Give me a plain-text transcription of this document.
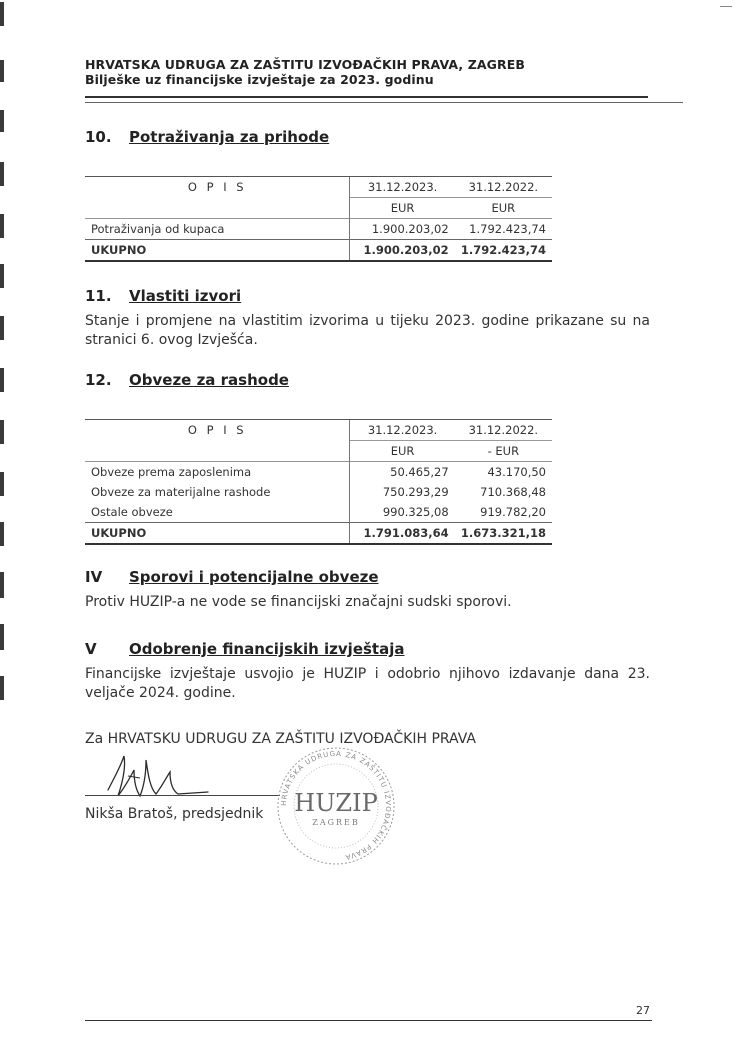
HRVATSKA UDRUGA ZA ZAŠTITU IZVOĐAČKIH PRAVA, ZAGREB
Bilješke uz financijske izvještaje za 2023. godinu
10. Potraživanja za prihode
O P I S	31.12.2023.	31.12.2022.
	EUR	EUR
Potraživanja od kupaca	1.900.203,02	1.792.423,74
UKUPNO	1.900.203,02	1.792.423,74
11. Vlastiti izvori
Stanje i promjene na vlastitim izvorima u tijeku 2023. godine prikazane su na stranici 6. ovog Izvješća.
12. Obveze za rashode
O P I S	31.12.2023.	31.12.2022.
	EUR	- EUR
Obveze prema zaposlenima	50.465,27	43.170,50
Obveze za materijalne rashode	750.293,29	710.368,48
Ostale obveze	990.325,08	919.782,20
UKUPNO	1.791.083,64	1.673.321,18
IV Sporovi i potencijalne obveze
Protiv HUZIP-a ne vode se financijski značajni sudski sporovi.
V Odobrenje financijskih izvještaja
Financijske izvještaje usvojio je HUZIP i odobrio njihovo izdavanje dana 23. veljače 2024. godine.
Za HRVATSKU UDRUGU ZA ZAŠTITU IZVOĐAČKIH PRAVA
Nikša Bratoš, predsjednik
HRVATSKA UDRUGA ZA ZAŠTITU IZVOĐAČKIH PRAVA
HUZIP
ZAGREB
27
